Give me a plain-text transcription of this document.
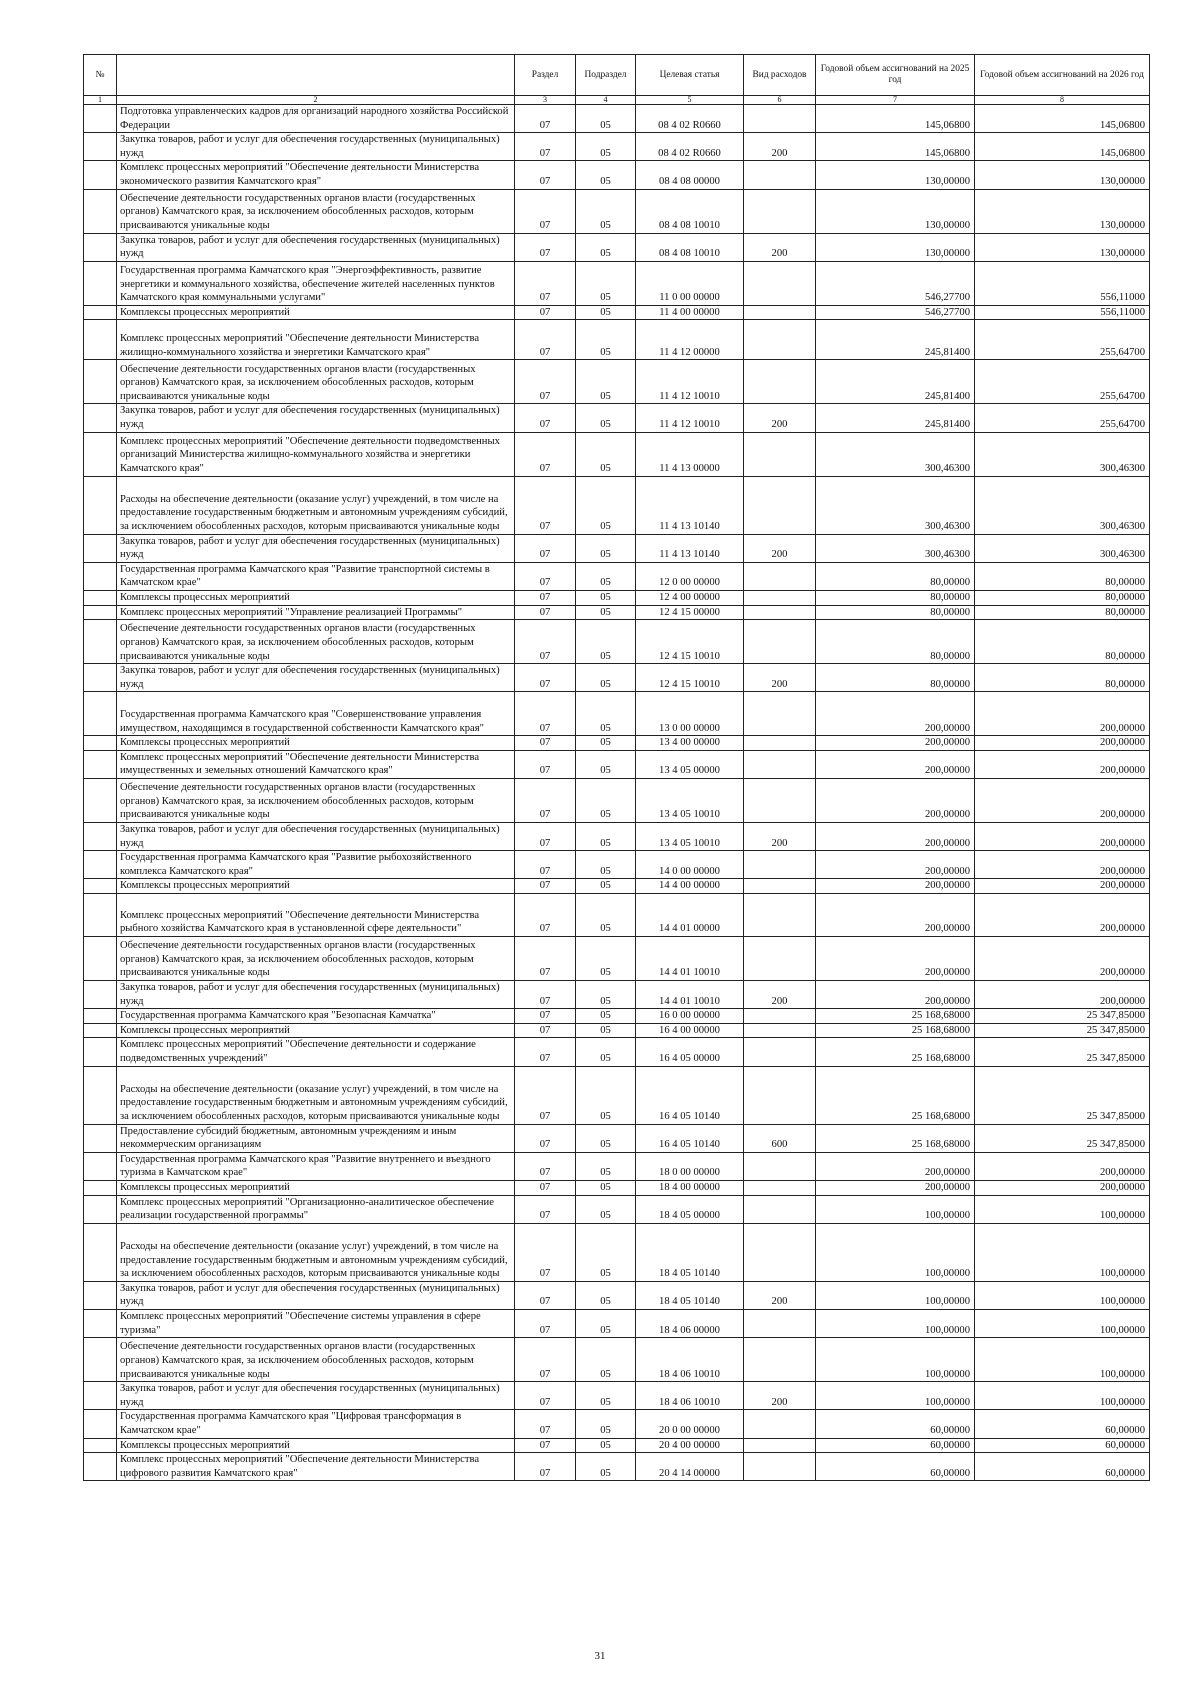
№		Раздел	Подраздел	Целевая статья	Вид расходов	Годовой объем ассигнований на 2025 год	Годовой объем ассигнований на 2026 год
1	2	3	4	5	6	7	8
	Подготовка управленческих кадров для организаций народного хозяйства Российской Федерации	07	05	08 4 02 R0660		145,06800	145,06800
	Закупка товаров, работ и услуг для обеспечения государственных (муниципальных) нужд	07	05	08 4 02 R0660	200	145,06800	145,06800
	Комплекс процессных мероприятий "Обеспечение деятельности Министерства экономического развития Камчатского края"	07	05	08 4 08 00000		130,00000	130,00000
	Обеспечение деятельности государственных органов власти (государственных органов) Камчатского края, за исключением обособленных расходов, которым присваиваются уникальные коды	07	05	08 4 08 10010		130,00000	130,00000
	Закупка товаров, работ и услуг для обеспечения государственных (муниципальных) нужд	07	05	08 4 08 10010	200	130,00000	130,00000
	Государственная программа Камчатского края "Энергоэффективность, развитие энергетики и коммунального хозяйства, обеспечение жителей населенных пунктов Камчатского края коммунальными услугами"	07	05	11 0 00 00000		546,27700	556,11000
	Комплексы процессных мероприятий	07	05	11 4 00 00000		546,27700	556,11000
	Комплекс процессных мероприятий "Обеспечение деятельности Министерства жилищно-коммунального хозяйства и энергетики Камчатского края"	07	05	11 4 12 00000		245,81400	255,64700
	Обеспечение деятельности государственных органов власти (государственных органов) Камчатского края, за исключением обособленных расходов, которым присваиваются уникальные коды	07	05	11 4 12 10010		245,81400	255,64700
	Закупка товаров, работ и услуг для обеспечения государственных (муниципальных) нужд	07	05	11 4 12 10010	200	245,81400	255,64700
	Комплекс процессных мероприятий "Обеспечение деятельности подведомственных организаций Министерства жилищно-коммунального хозяйства и энергетики Камчатского края"	07	05	11 4 13 00000		300,46300	300,46300
	Расходы на обеспечение деятельности (оказание услуг) учреждений, в том числе на предоставление государственным бюджетным и автономным учреждениям субсидий, за исключением обособленных расходов, которым присваиваются уникальные коды	07	05	11 4 13 10140		300,46300	300,46300
	Закупка товаров, работ и услуг для обеспечения государственных (муниципальных) нужд	07	05	11 4 13 10140	200	300,46300	300,46300
	Государственная программа Камчатского края "Развитие транспортной системы в Камчатском крае"	07	05	12 0 00 00000		80,00000	80,00000
	Комплексы процессных мероприятий	07	05	12 4 00 00000		80,00000	80,00000
	Комплекс процессных мероприятий "Управление реализацией Программы"	07	05	12 4 15 00000		80,00000	80,00000
	Обеспечение деятельности государственных органов власти (государственных органов) Камчатского края, за исключением обособленных расходов, которым присваиваются уникальные коды	07	05	12 4 15 10010		80,00000	80,00000
	Закупка товаров, работ и услуг для обеспечения государственных (муниципальных) нужд	07	05	12 4 15 10010	200	80,00000	80,00000
	Государственная программа Камчатского края "Совершенствование управления имуществом, находящимся в государственной собственности Камчатского края"	07	05	13 0 00 00000		200,00000	200,00000
	Комплексы процессных мероприятий	07	05	13 4 00 00000		200,00000	200,00000
	Комплекс процессных мероприятий "Обеспечение деятельности Министерства имущественных и земельных отношений Камчатского края"	07	05	13 4 05 00000		200,00000	200,00000
	Обеспечение деятельности государственных органов власти (государственных органов) Камчатского края, за исключением обособленных расходов, которым присваиваются уникальные коды	07	05	13 4 05 10010		200,00000	200,00000
	Закупка товаров, работ и услуг для обеспечения государственных (муниципальных) нужд	07	05	13 4 05 10010	200	200,00000	200,00000
	Государственная программа Камчатского края "Развитие рыбохозяйственного комплекса Камчатского края"	07	05	14 0 00 00000		200,00000	200,00000
	Комплексы процессных мероприятий	07	05	14 4 00 00000		200,00000	200,00000
	Комплекс процессных мероприятий "Обеспечение деятельности Министерства рыбного хозяйства Камчатского края в установленной сфере деятельности"	07	05	14 4 01 00000		200,00000	200,00000
	Обеспечение деятельности государственных органов власти (государственных органов) Камчатского края, за исключением обособленных расходов, которым присваиваются уникальные коды	07	05	14 4 01 10010		200,00000	200,00000
	Закупка товаров, работ и услуг для обеспечения государственных (муниципальных) нужд	07	05	14 4 01 10010	200	200,00000	200,00000
	Государственная программа Камчатского края "Безопасная Камчатка"	07	05	16 0 00 00000		25 168,68000	25 347,85000
	Комплексы процессных мероприятий	07	05	16 4 00 00000		25 168,68000	25 347,85000
	Комплекс процессных мероприятий "Обеспечение деятельности и содержание подведомственных учреждений"	07	05	16 4 05 00000		25 168,68000	25 347,85000
	Расходы на обеспечение деятельности (оказание услуг) учреждений, в том числе на предоставление государственным бюджетным и автономным учреждениям субсидий, за исключением обособленных расходов, которым присваиваются уникальные коды	07	05	16 4 05 10140		25 168,68000	25 347,85000
	Предоставление субсидий бюджетным, автономным учреждениям и иным некоммерческим организациям	07	05	16 4 05 10140	600	25 168,68000	25 347,85000
	Государственная программа Камчатского края "Развитие внутреннего и въездного туризма в Камчатском крае"	07	05	18 0 00 00000		200,00000	200,00000
	Комплексы процессных мероприятий	07	05	18 4 00 00000		200,00000	200,00000
	Комплекс процессных мероприятий "Организационно-аналитическое обеспечение реализации государственной программы"	07	05	18 4 05 00000		100,00000	100,00000
	Расходы на обеспечение деятельности (оказание услуг) учреждений, в том числе на предоставление государственным бюджетным и автономным учреждениям субсидий, за исключением обособленных расходов, которым присваиваются уникальные коды	07	05	18 4 05 10140		100,00000	100,00000
	Закупка товаров, работ и услуг для обеспечения государственных (муниципальных) нужд	07	05	18 4 05 10140	200	100,00000	100,00000
	Комплекс процессных мероприятий "Обеспечение системы управления в сфере туризма"	07	05	18 4 06 00000		100,00000	100,00000
	Обеспечение деятельности государственных органов власти (государственных органов) Камчатского края, за исключением обособленных расходов, которым присваиваются уникальные коды	07	05	18 4 06 10010		100,00000	100,00000
	Закупка товаров, работ и услуг для обеспечения государственных (муниципальных) нужд	07	05	18 4 06 10010	200	100,00000	100,00000
	Государственная программа Камчатского края "Цифровая трансформация в Камчатском крае"	07	05	20 0 00 00000		60,00000	60,00000
	Комплексы процессных мероприятий	07	05	20 4 00 00000		60,00000	60,00000
	Комплекс процессных мероприятий "Обеспечение деятельности Министерства цифрового развития Камчатского края"	07	05	20 4 14 00000		60,00000	60,00000
31
